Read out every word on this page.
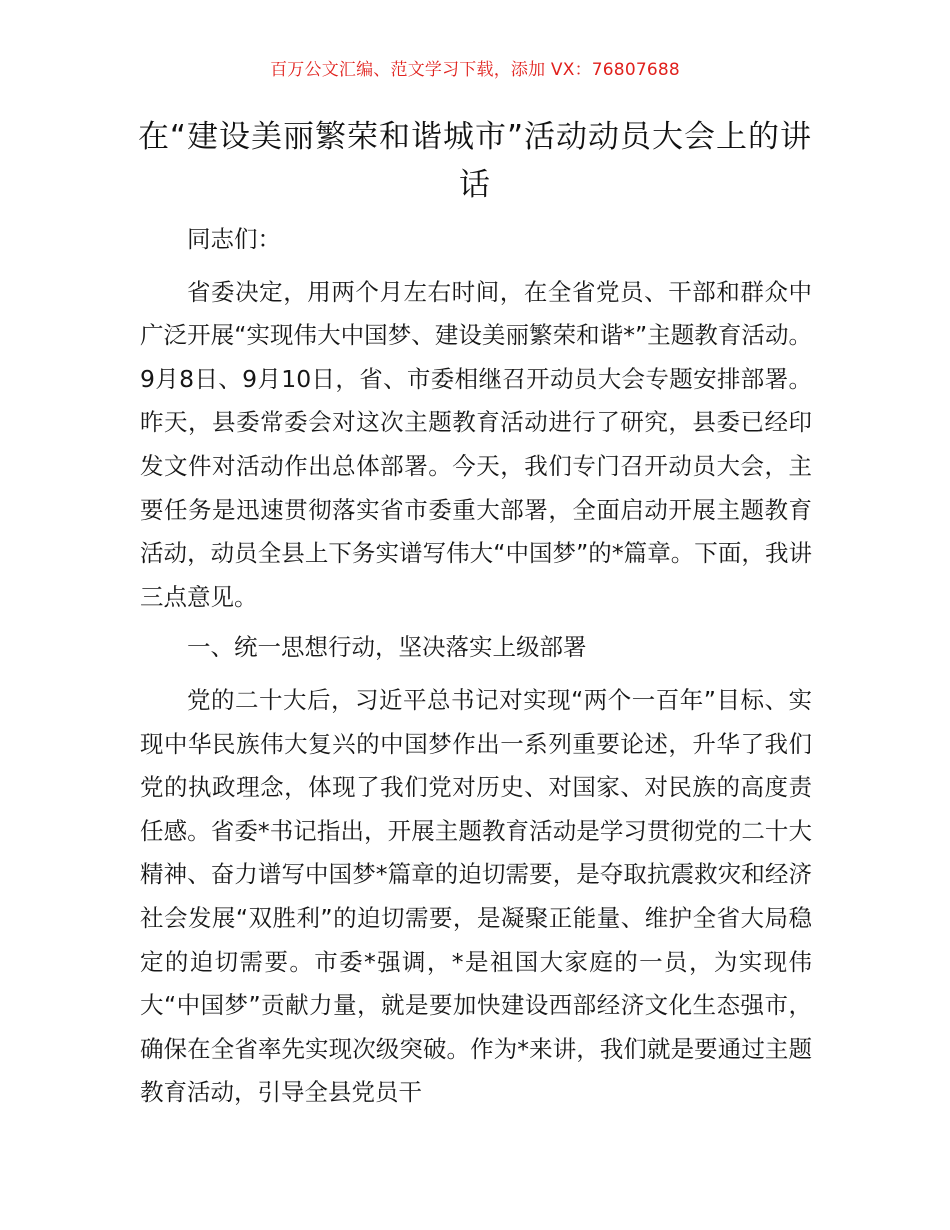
百万公文汇编、范文学习下载，添加 VX：76807688
在“建设美丽繁荣和谐城市”活动动员大会上的讲话

同志们：

省委决定，用两个月左右时间，在全省党员、干部和群众中广泛开展“实现伟大中国梦、建设美丽繁荣和谐*”主题教育活动。9月8日、9月10日，省、市委相继召开动员大会专题安排部署。昨天，县委常委会对这次主题教育活动进行了研究，县委已经印发文件对活动作出总体部署。今天，我们专门召开动员大会，主要任务是迅速贯彻落实省市委重大部署，全面启动开展主题教育活动，动员全县上下务实谱写伟大“中国梦”的*篇章。下面，我讲三点意见。

一、统一思想行动，坚决落实上级部署

党的二十大后，习近平总书记对实现“两个一百年”目标、实现中华民族伟大复兴的中国梦作出一系列重要论述，升华了我们党的执政理念，体现了我们党对历史、对国家、对民族的高度责任感。省委*书记指出，开展主题教育活动是学习贯彻党的二十大精神、奋力谱写中国梦*篇章的迫切需要，是夺取抗震救灾和经济社会发展“双胜利”的迫切需要，是凝聚正能量、维护全省大局稳定的迫切需要。市委*强调，*是祖国大家庭的一员，为实现伟大“中国梦”贡献力量，就是要加快建设西部经济文化生态强市，确保在全省率先实现次级突破。作为*来讲，我们就是要通过主题教育活动，引导全县党员干
